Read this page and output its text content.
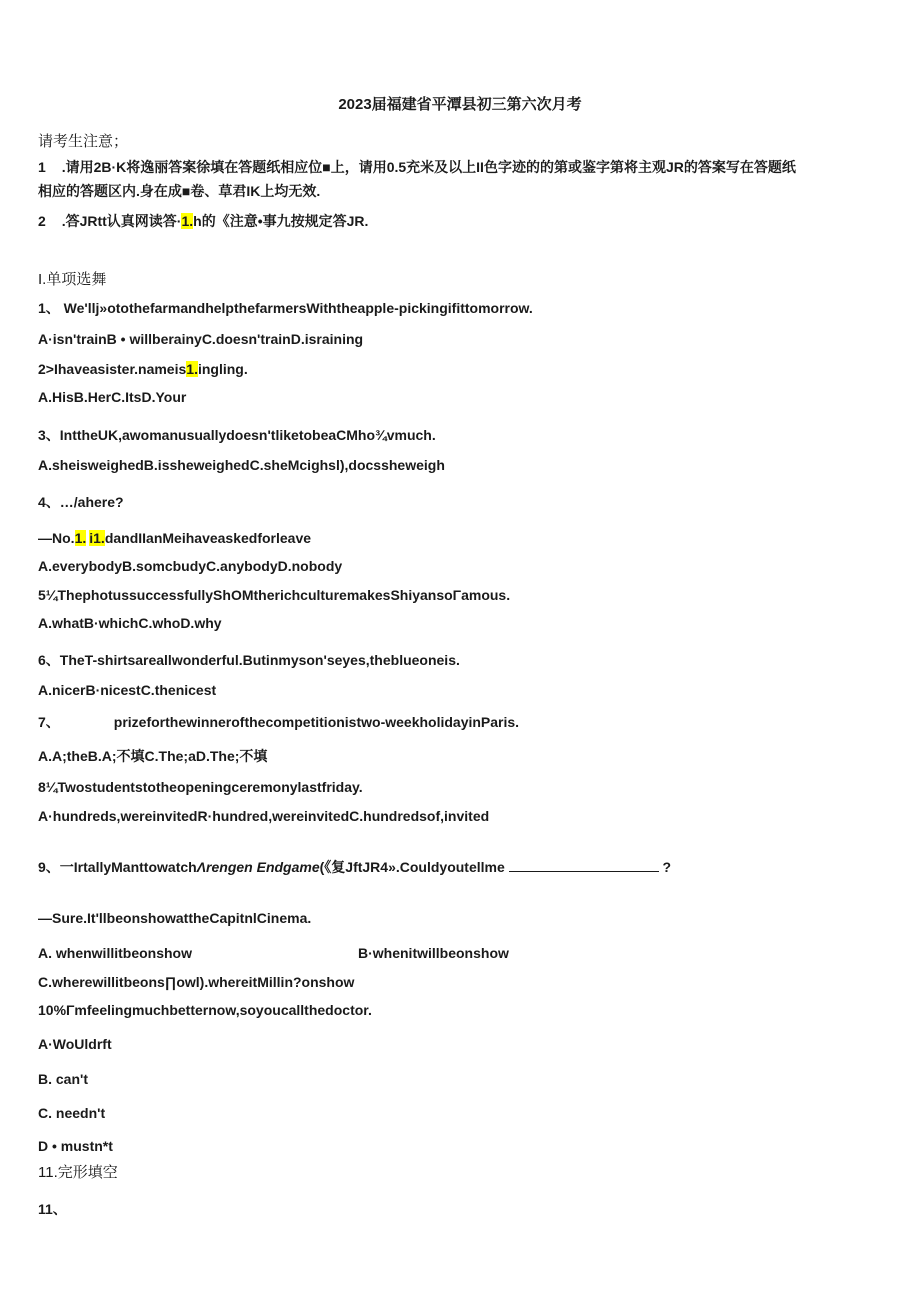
2023届福建省平潭县初三第六次月考
请考生注意；
1 .请用2B·K将逸丽答案徐填在答题纸相应位■上，请用0.5充米及以上II色字迹的的第或鉴字第将主观JR的答案写在答题纸
相应的答题区内.身在成■卷、草君IK上均无效.
2 .答JRtt认真网读答·1.h的《注意•事九按规定答JR.
I.单项选舞
1、 We'llj»otothefarmandhelpthefarmersWiththeapple-pickingifittomorrow.
A·isn'trainB • willberainyC.doesn'trainD.israining
2>Ihaveasister.nameis1.ingling.
A.HisB.HerC.ItsD.Your
3、InttheUK,awomanusuallydoesn'tliketobeaCMho¾vmuch.
A.sheisweighedB.issheweighedC.sheMcighsl),docssheweigh
4、…/ahere?
—No.1. i1.dandIIanMeihaveaskedforleave
A.everybodyB.somcbudyC.anybodyD.nobody
5¼ThephotussuccessfullyShOMtherichculturemakesShiyansoΓamous.
A.whatB·whichC.whoD.why
6、TheT-shirtsareallwonderful.Butinmyson'seyes,theblueoneis.
A.nicerB·nicestC.thenicest
7、	prizeforthewinnerofthecompetitionistwo-weekholidayinParis.
A.A;theB.A;不填C.The;aD.The;不填
8¼Twostudentstotheopeningceremonylastfriday.
A·hundreds,wereinvitedR·hundred,wereinvitedC.hundredsof,invited
9、一IrtallyManttowatchΛrengen Endgame(《复JftJR4».Couldyoutellme	?
—Sure.It'llbeonshowattheCapitnlCinema.
A. whenwillitbeonshow	B·whenitwillbeonshow
C.wherewillitbeons∏owl).whereitMillin?onshow
10%Γmfeelingmuchbetternow,soyoucallthedoctor.
A·WoUldrft
B. can't
C. needn't
D • mustn*t
11.完形填空
11、
